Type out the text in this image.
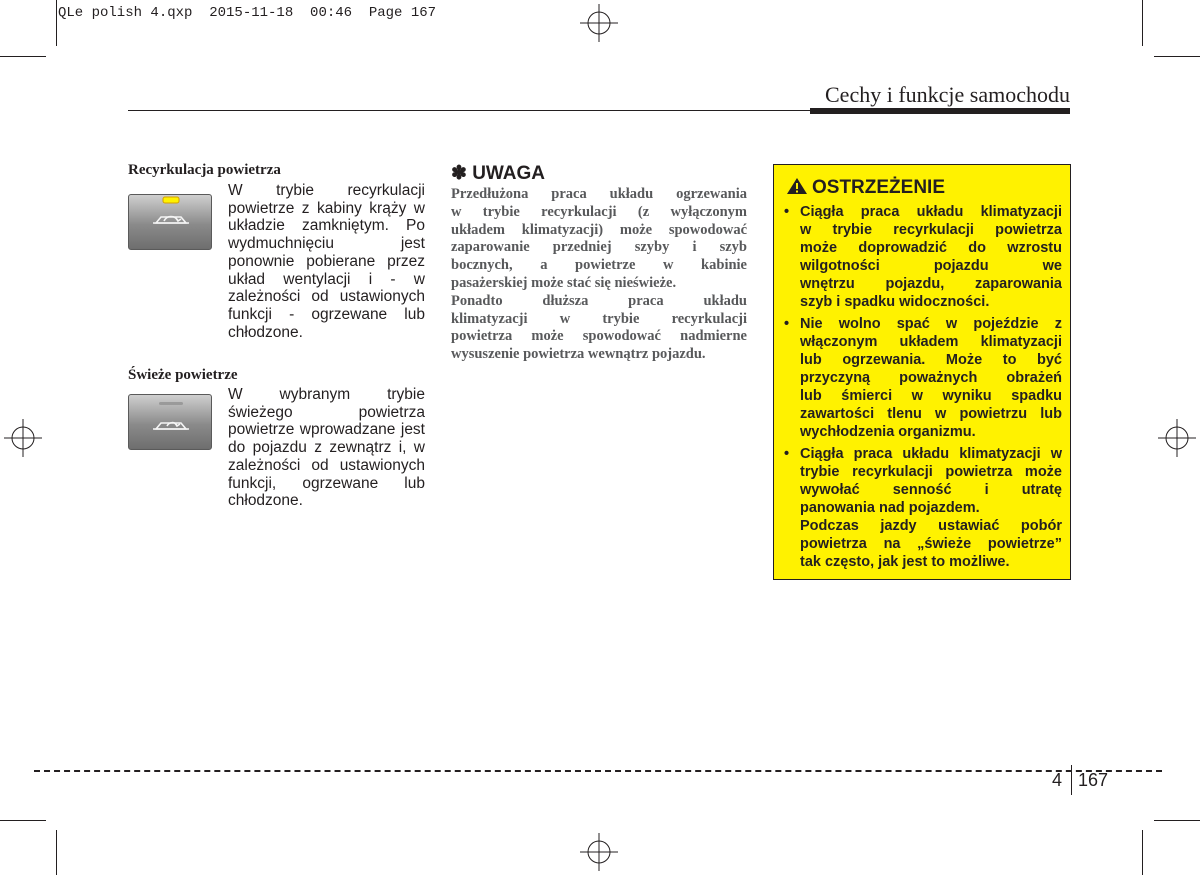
QLe polish 4.qxp  2015-11-18  00:46  Page 167
Cechy i funkcje samochodu
Recyrkulacja powietrza
W trybie recyrkulacji
powietrze z kabiny krąży w
układzie zamkniętym. Po
wydmuchnięciu jest
ponownie pobierane przez
układ wentylacji i - w
zależności od ustawionych
funkcji - ogrzewane lub
chłodzone.
Świeże powietrze
W wybranym trybie
świeżego powietrza
powietrze wprowadzane jest
do pojazdu z zewnątrz i, w
zależności od ustawionych
funkcji, ogrzewane lub
chłodzone.
✽ UWAGA
Przedłużona praca układu ogrzewania
w trybie recyrkulacji (z wyłączonym
układem klimatyzacji) może spowodować
zaparowanie przedniej szyby i szyb
bocznych, a powietrze w kabinie
pasażerskiej może stać się nieświeże.
Ponadto dłuższa praca układu
klimatyzacji w trybie recyrkulacji
powietrza może spowodować nadmierne
wysuszenie powietrza wewnątrz pojazdu.
OSTRZEŻENIE
• Ciągła praca układu klimatyzacji
w trybie recyrkulacji powietrza
może doprowadzić do wzrostu
wilgotności pojazdu we
wnętrzu pojazdu, zaparowania
szyb i spadku widoczności.
• Nie wolno spać w pojeździe z
włączonym układem klimatyzacji
lub ogrzewania. Może to być
przyczyną poważnych obrażeń
lub śmierci w wyniku spadku
zawartości tlenu w powietrzu lub
wychłodzenia organizmu.
• Ciągła praca układu klimatyzacji w
trybie recyrkulacji powietrza może
wywołać senność i utratę
panowania nad pojazdem.
Podczas jazdy ustawiać pobór
powietrza na „świeże powietrze”
tak często, jak jest to możliwe.
4 167
